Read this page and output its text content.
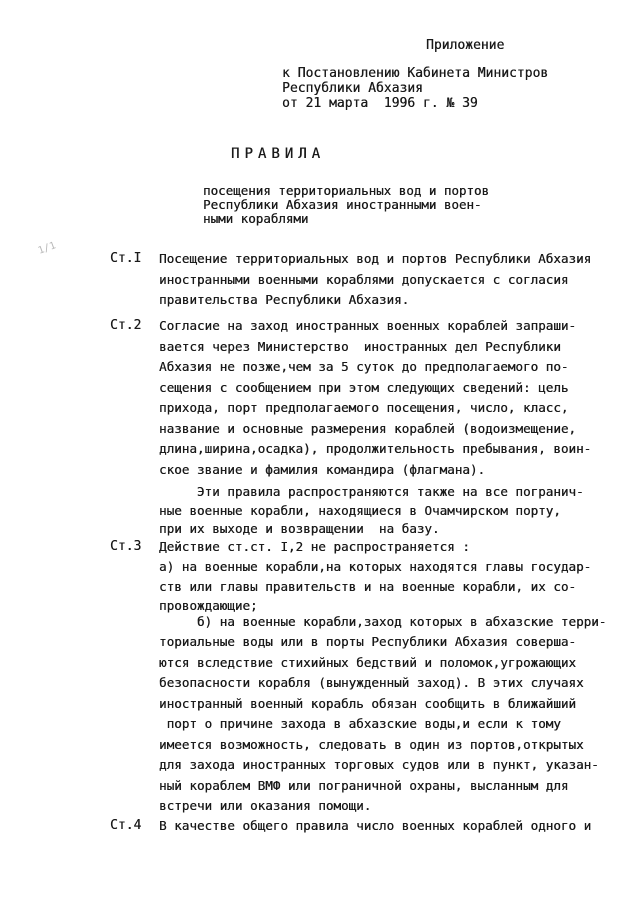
Приложение
к Постановлению Кабинета Министров
Республики Абхазия
от 21 марта  1996 г. № 39
ПРАВИЛА
посещения территориальных вод и портов
Республики Абхазия иностранными воен-
ными кораблями
1/1
Ст.I Посещение территориальных вод и портов Республики Абхазия
иностранными военными кораблями допускается с согласия
правительства Республики Абхазия.
Ст.2 Согласие на заход иностранных военных кораблей запраши-
вается через Министерство  иностранных дел Республики
Абхазия не позже,чем за 5 суток до предполагаемого по-
сещения с сообщением при этом следующих сведений: цель
прихода, порт предполагаемого посещения, число, класс,
название и основные размерения кораблей (водоизмещение,
длина,ширина,осадка), продолжительность пребывания, воин-
ское звание и фамилия командира (флагмана).
Эти правила распространяются также на все погранич-
ные военные корабли, находящиеся в Очамчирском порту,
при их выходе и возвращении  на базу.
Ст.3 Действие ст.ст. I,2 не распространяется :
а) на военные корабли,на которых находятся главы государ-
ств или главы правительств и на военные корабли, их со-
провождающие;
б) на военные корабли,заход которых в абхазские терри-
ториальные воды или в порты Республики Абхазия соверша-
ются вследствие стихийных бедствий и поломок,угрожающих
безопасности корабля (вынужденный заход). В этих случаях
иностранный военный корабль обязан сообщить в ближайший
порт о причине захода в абхазские воды,и если к тому
имеется возможность, следовать в один из портов,открытых
для захода иностранных торговых судов или в пункт, указан-
ный кораблем ВМФ или пограничной охраны, высланным для
встречи или оказания помощи.
Ст.4 В качестве общего правила число военных кораблей одного и
